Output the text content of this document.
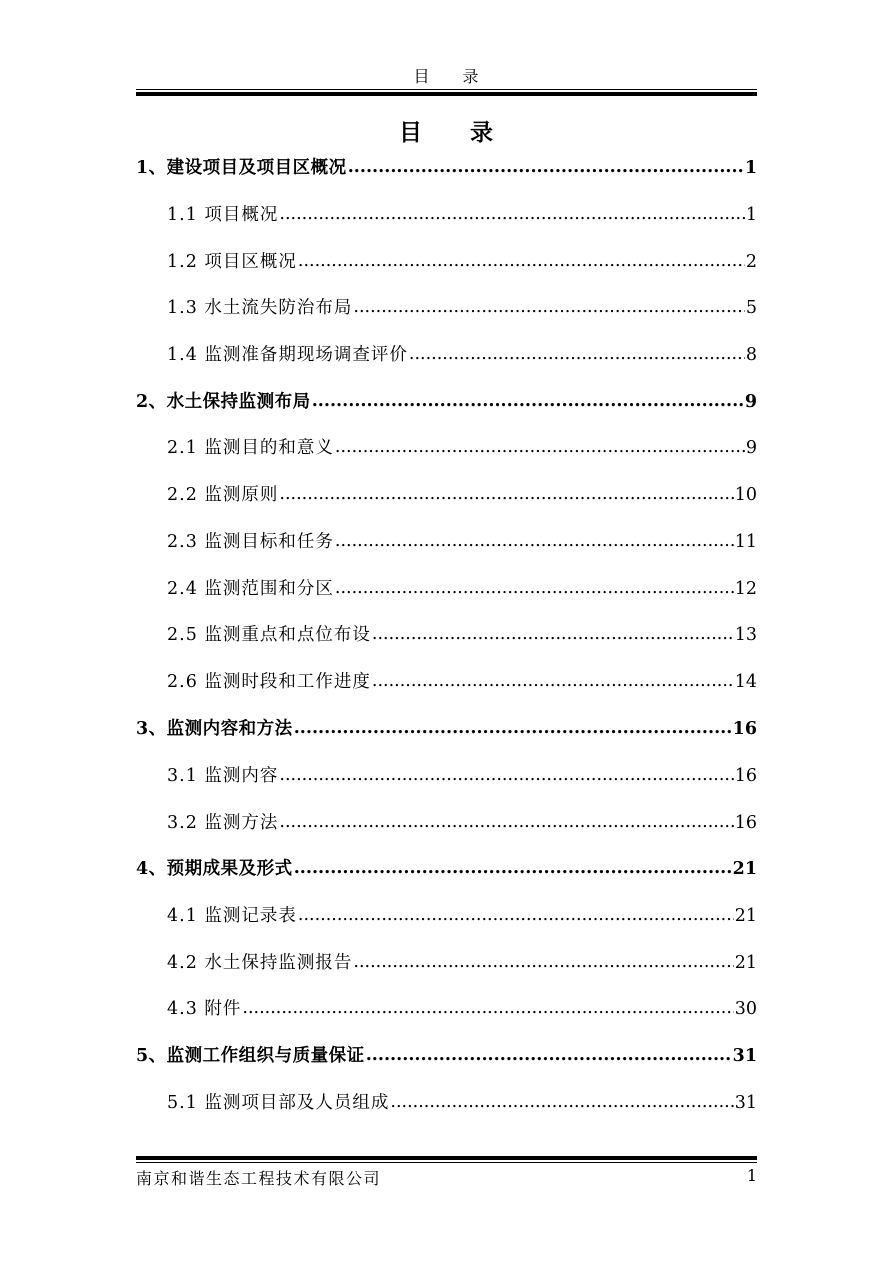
目 录
目 录
1、建设项目及项目区概况 .....	1
1.1 项目概况 .....	1
1.2 项目区概况 .....	2
1.3 水土流失防治布局 .....	5
1.4 监测准备期现场调查评价 .....	8
2、水土保持监测布局 .....	9
2.1 监测目的和意义 .....	9
2.2 监测原则 .....	10
2.3 监测目标和任务 .....	11
2.4 监测范围和分区 .....	12
2.5 监测重点和点位布设 .....	13
2.6 监测时段和工作进度 .....	14
3、监测内容和方法 .....	16
3.1 监测内容 .....	16
3.2 监测方法 .....	16
4、预期成果及形式 .....	21
4.1 监测记录表 .....	21
4.2 水土保持监测报告 .....	21
4.3 附件 .....	30
5、监测工作组织与质量保证 .....	31
5.1 监测项目部及人员组成 .....	31
南京和谐生态工程技术有限公司	1
